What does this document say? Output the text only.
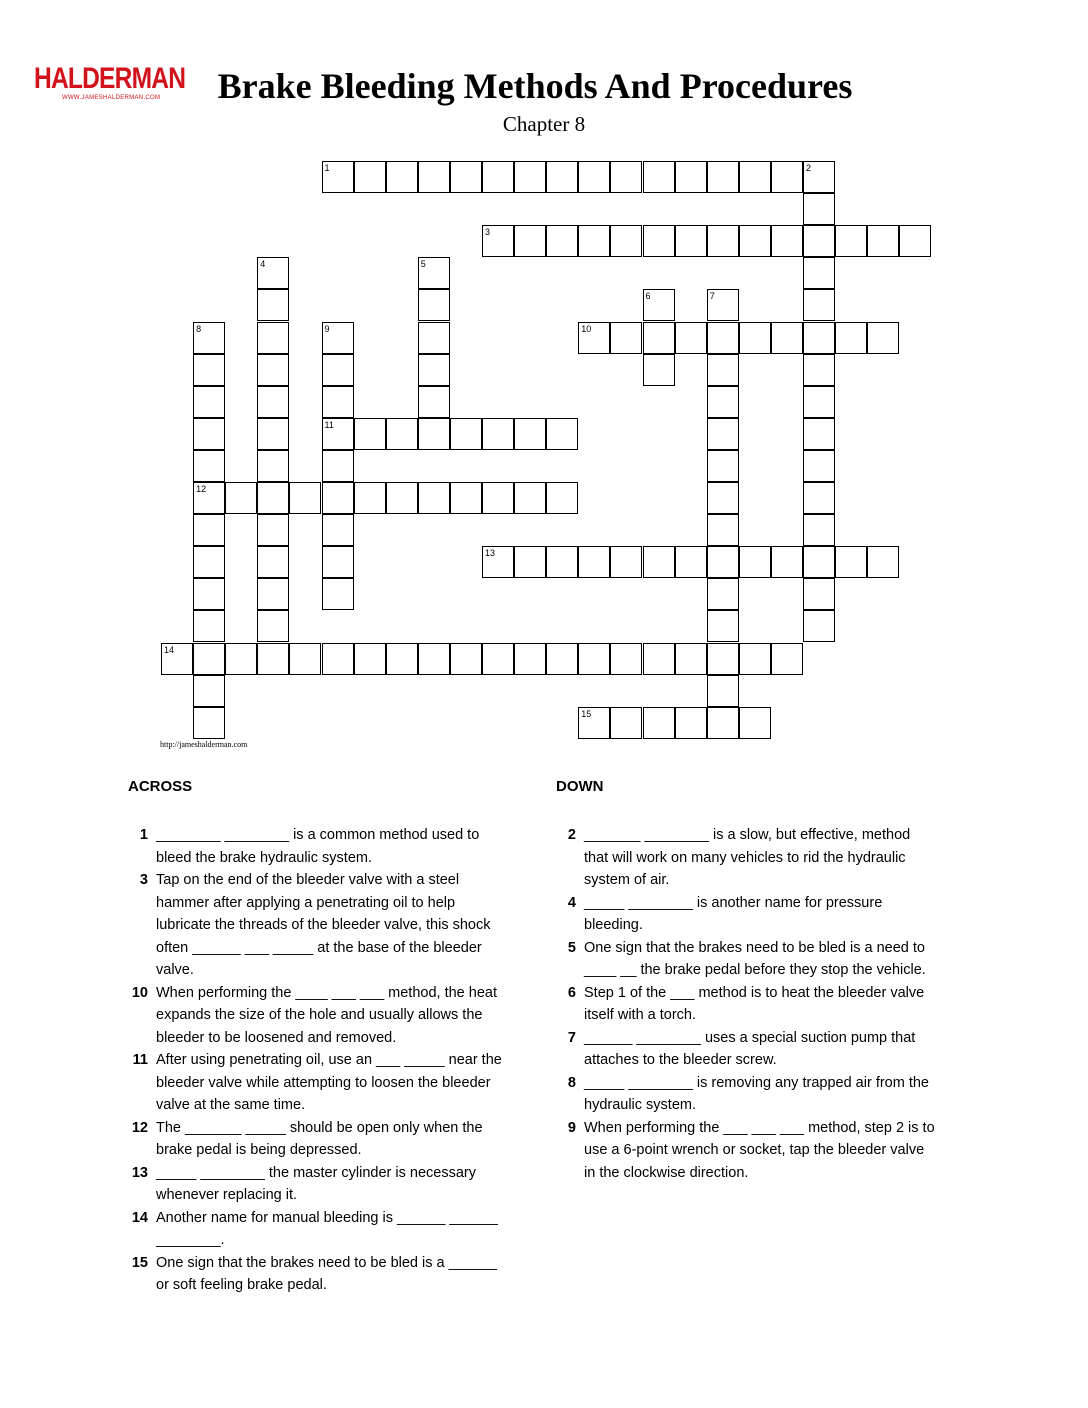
HALDERMAN
WWW.JAMESHALDERMAN.COM	Brake Bleeding Methods And Procedures
Chapter 8
1	2
3
4	5
6	7
8
12
9
11
10
13
14
15
http://jameshalderman.com
ACROSS
1 ________ ________ is a common method used to bleed the brake hydraulic system.
3 Tap on the end of the bleeder valve with a steel hammer after applying a penetrating oil to help lubricate the threads of the bleeder valve, this shock often ______ ___ _____ at the base of the bleeder valve.
10 When performing the ____ ___ ___ method, the heat expands the size of the hole and usually allows the bleeder to be loosened and removed.
11 After using penetrating oil, use an ___ _____ near the bleeder valve while attempting to loosen the bleeder valve at the same time.
12 The _______ _____ should be open only when the brake pedal is being depressed.
13 _____ ________ the master cylinder is necessary whenever replacing it.
14 Another name for manual bleeding is ______ ______ ________.
15 One sign that the brakes need to be bled is a ______ or soft feeling brake pedal.
DOWN
2 _______ ________ is a slow, but effective, method that will work on many vehicles to rid the hydraulic system of air.
4 _____ ________ is another name for pressure bleeding.
5 One sign that the brakes need to be bled is a need to ____ __ the brake pedal before they stop the vehicle.
6 Step 1 of the ___ method is to heat the bleeder valve itself with a torch.
7 ______ ________ uses a special suction pump that attaches to the bleeder screw.
8 _____ ________ is removing any trapped air from the hydraulic system.
9 When performing the ___ ___ ___ method, step 2 is to use a 6-point wrench or socket, tap the bleeder valve in the clockwise direction.
